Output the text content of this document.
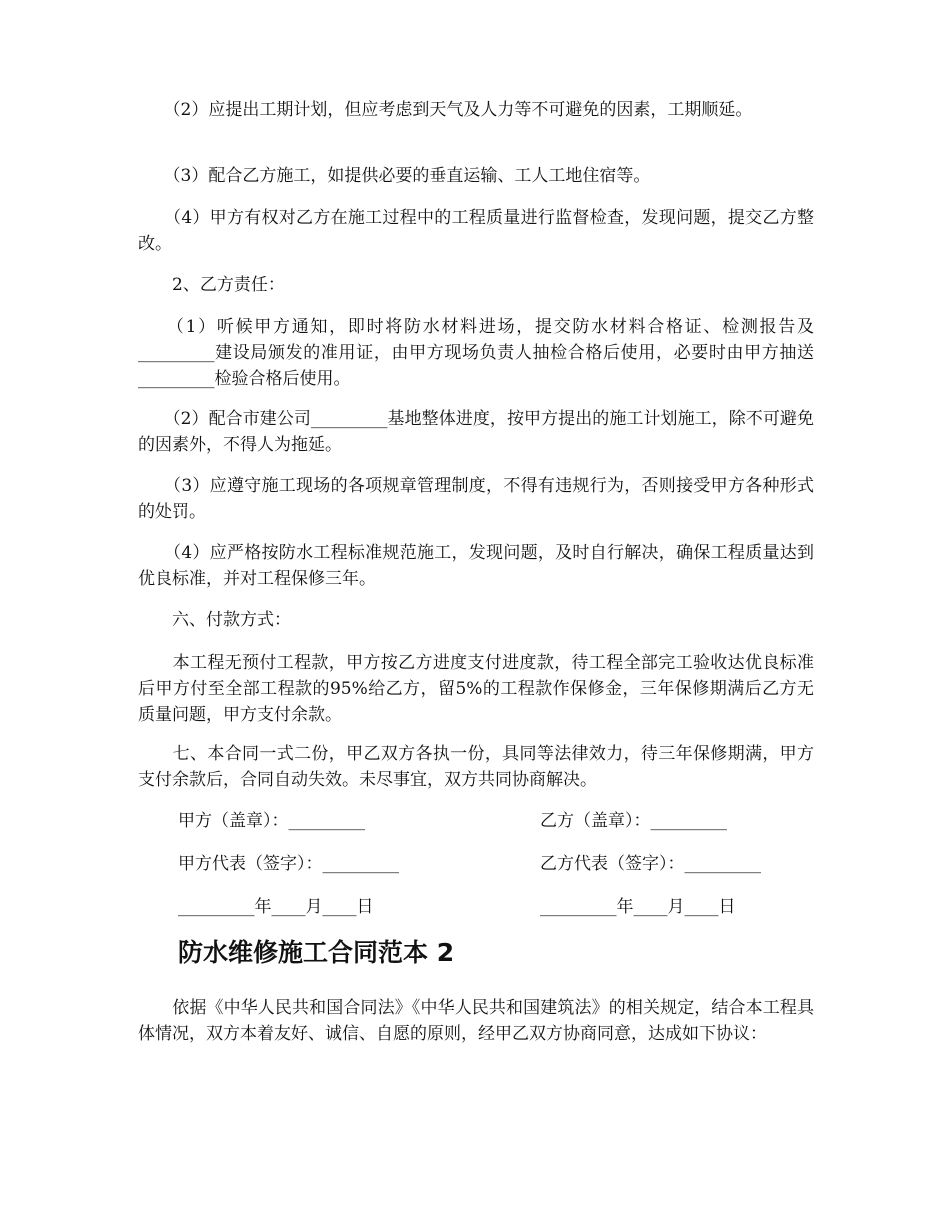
　　（2）应提出工期计划，但应考虑到天气及人力等不可避免的因素，工期顺延。

　　（3）配合乙方施工，如提供必要的垂直运输、工人工地住宿等。

　　（4）甲方有权对乙方在施工过程中的工程质量进行监督检查，发现问题，提交乙方整改。

　　2、乙方责任：

　　（1）听候甲方通知，即时将防水材料进场，提交防水材料合格证、检测报告及_________建设局颁发的准用证，由甲方现场负责人抽检合格后使用，必要时由甲方抽送_________检验合格后使用。

　　（2）配合市建公司_________基地整体进度，按甲方提出的施工计划施工，除不可避免的因素外，不得人为拖延。

　　（3）应遵守施工现场的各项规章管理制度，不得有违规行为，否则接受甲方各种形式的处罚。

　　（4）应严格按防水工程标准规范施工，发现问题，及时自行解决，确保工程质量达到优良标准，并对工程保修三年。

　　六、付款方式：

　　本工程无预付工程款，甲方按乙方进度支付进度款，待工程全部完工验收达优良标准后甲方付至全部工程款的95%给乙方，留5%的工程款作保修金，三年保修期满后乙方无质量问题，甲方支付余款。

　　七、本合同一式二份，甲乙双方各执一份，具同等法律效力，待三年保修期满，甲方支付余款后，合同自动失效。未尽事宜，双方共同协商解决。

甲方（盖章）：_________	乙方（盖章）：_________

甲方代表（签字）：_________	乙方代表（签字）：_________

_________年____月____日	_________年____月____日

防水维修施工合同范本 2

　　依据《中华人民共和国合同法》《中华人民共和国建筑法》的相关规定，结合本工程具体情况，双方本着友好、诚信、自愿的原则，经甲乙双方协商同意，达成如下协议：
